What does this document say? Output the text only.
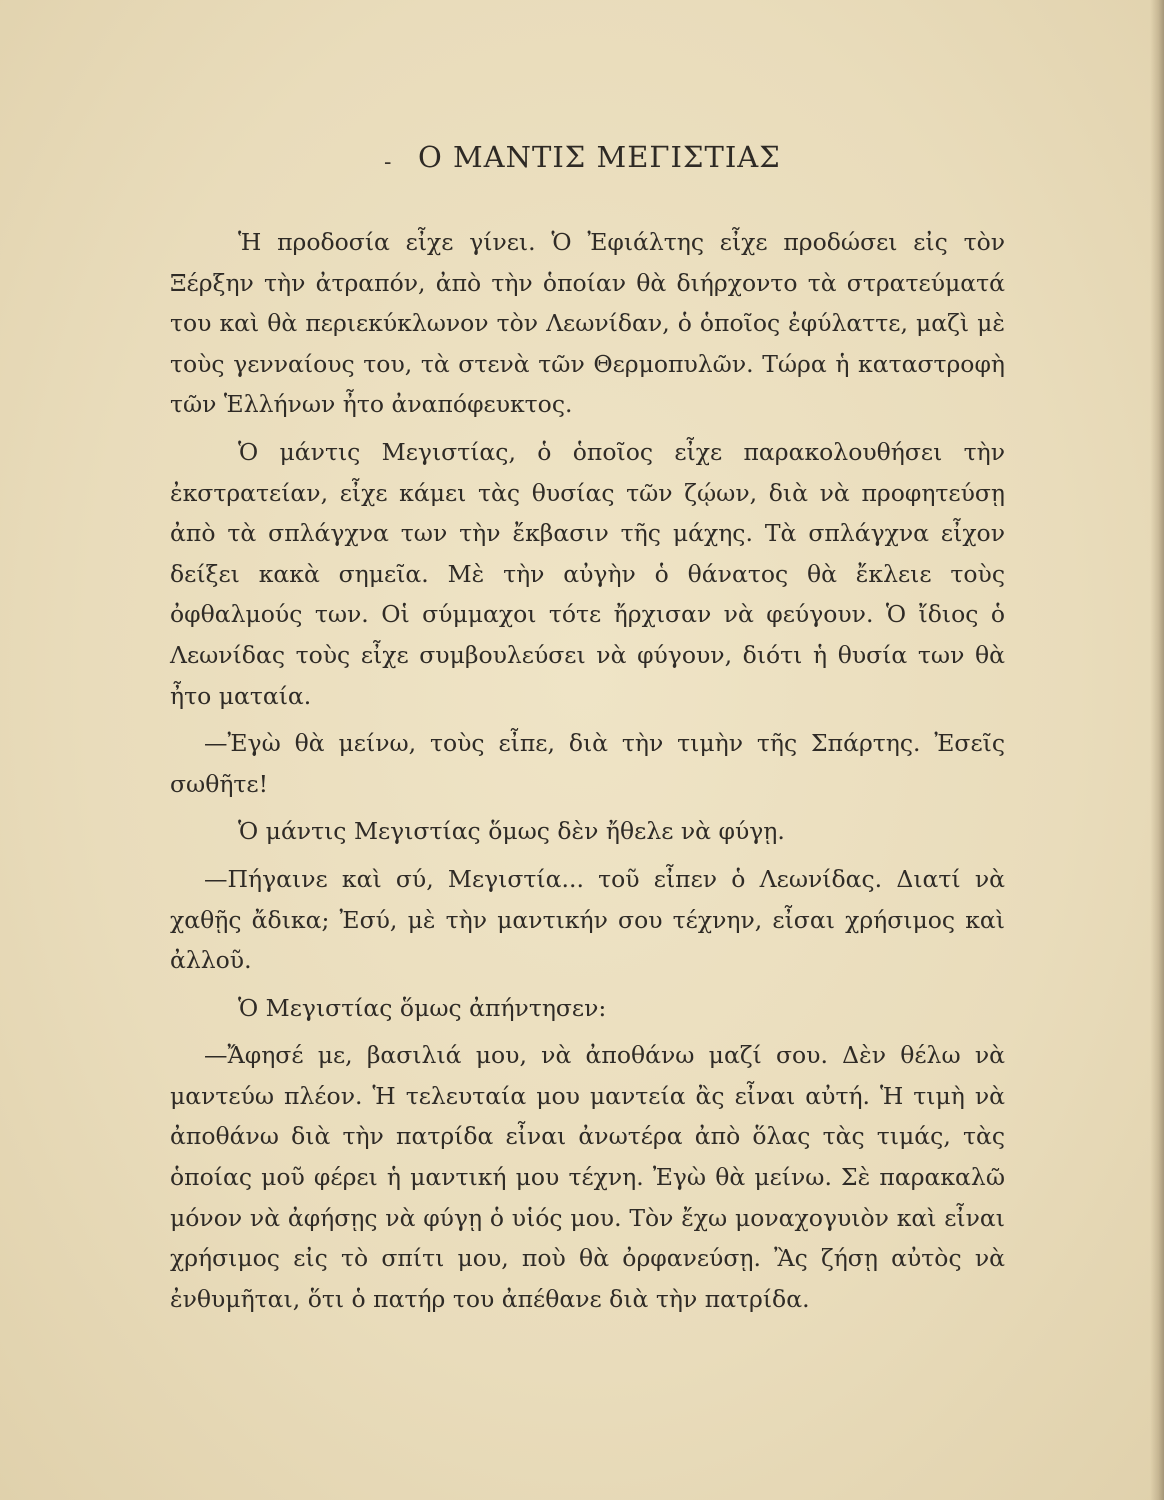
- Ο ΜΑΝΤΙΣ ΜΕΓΙΣΤΙΑΣ

Ἡ προδοσία εἶχε γίνει. Ὁ Ἐφιάλτης εἶχε προδώσει εἰς τὸν Ξέρξην τὴν ἀτραπόν, ἀπὸ τὴν ὁποίαν θὰ διήρχοντο τὰ στρατεύματά του καὶ θὰ περιεκύκλωνον τὸν Λεωνίδαν, ὁ ὁποῖος ἐφύλαττε, μαζὶ μὲ τοὺς γενναίους του, τὰ στενὰ τῶν Θερμοπυλῶν. Τώρα ἡ καταστροφὴ τῶν Ἑλλήνων ἦτο ἀναπόφευκτος.

Ὁ μάντις Μεγιστίας, ὁ ὁποῖος εἶχε παρακολουθήσει τὴν ἐκστρατείαν, εἶχε κάμει τὰς θυσίας τῶν ζῴων, διὰ νὰ προφητεύσῃ ἀπὸ τὰ σπλάγχνα των τὴν ἔκβασιν τῆς μάχης. Τὰ σπλάγχνα εἶχον δείξει κακὰ σημεῖα. Μὲ τὴν αὐγὴν ὁ θάνατος θὰ ἔκλειε τοὺς ὀφθαλμούς των. Οἱ σύμμαχοι τότε ἤρχισαν νὰ φεύγουν. Ὁ ἴδιος ὁ Λεωνίδας τοὺς εἶχε συμβουλεύσει νὰ φύγουν, διότι ἡ θυσία των θὰ ἦτο ματαία.

—Ἐγὼ θὰ μείνω, τοὺς εἶπε, διὰ τὴν τιμὴν τῆς Σπάρτης. Ἐσεῖς σωθῆτε!

Ὁ μάντις Μεγιστίας ὅμως δὲν ἤθελε νὰ φύγῃ.

—Πήγαινε καὶ σύ, Μεγιστία... τοῦ εἶπεν ὁ Λεωνίδας. Διατί νὰ χαθῇς ἄδικα; Ἐσύ, μὲ τὴν μαντικήν σου τέχνην, εἶσαι χρήσιμος καὶ ἀλλοῦ.

Ὁ Μεγιστίας ὅμως ἀπήντησεν:

—Ἄφησέ με, βασιλιά μου, νὰ ἀποθάνω μαζί σου. Δὲν θέλω νὰ μαντεύω πλέον. Ἡ τελευταία μου μαντεία ἂς εἶναι αὐτή. Ἡ τιμὴ νὰ ἀποθάνω διὰ τὴν πατρίδα εἶναι ἀνωτέρα ἀπὸ ὅλας τὰς τιμάς, τὰς ὁποίας μοῦ φέρει ἡ μαντική μου τέχνη. Ἐγὼ θὰ μείνω. Σὲ παρακαλῶ μόνον νὰ ἀφήσῃς νὰ φύγῃ ὁ υἱός μου. Τὸν ἔχω μοναχογυιὸν καὶ εἶναι χρήσιμος εἰς τὸ σπίτι μου, ποὺ θὰ ὀρφανεύσῃ. Ἂς ζήσῃ αὐτὸς νὰ ἐνθυμῆται, ὅτι ὁ πατήρ του ἀπέθανε διὰ τὴν πατρίδα.
